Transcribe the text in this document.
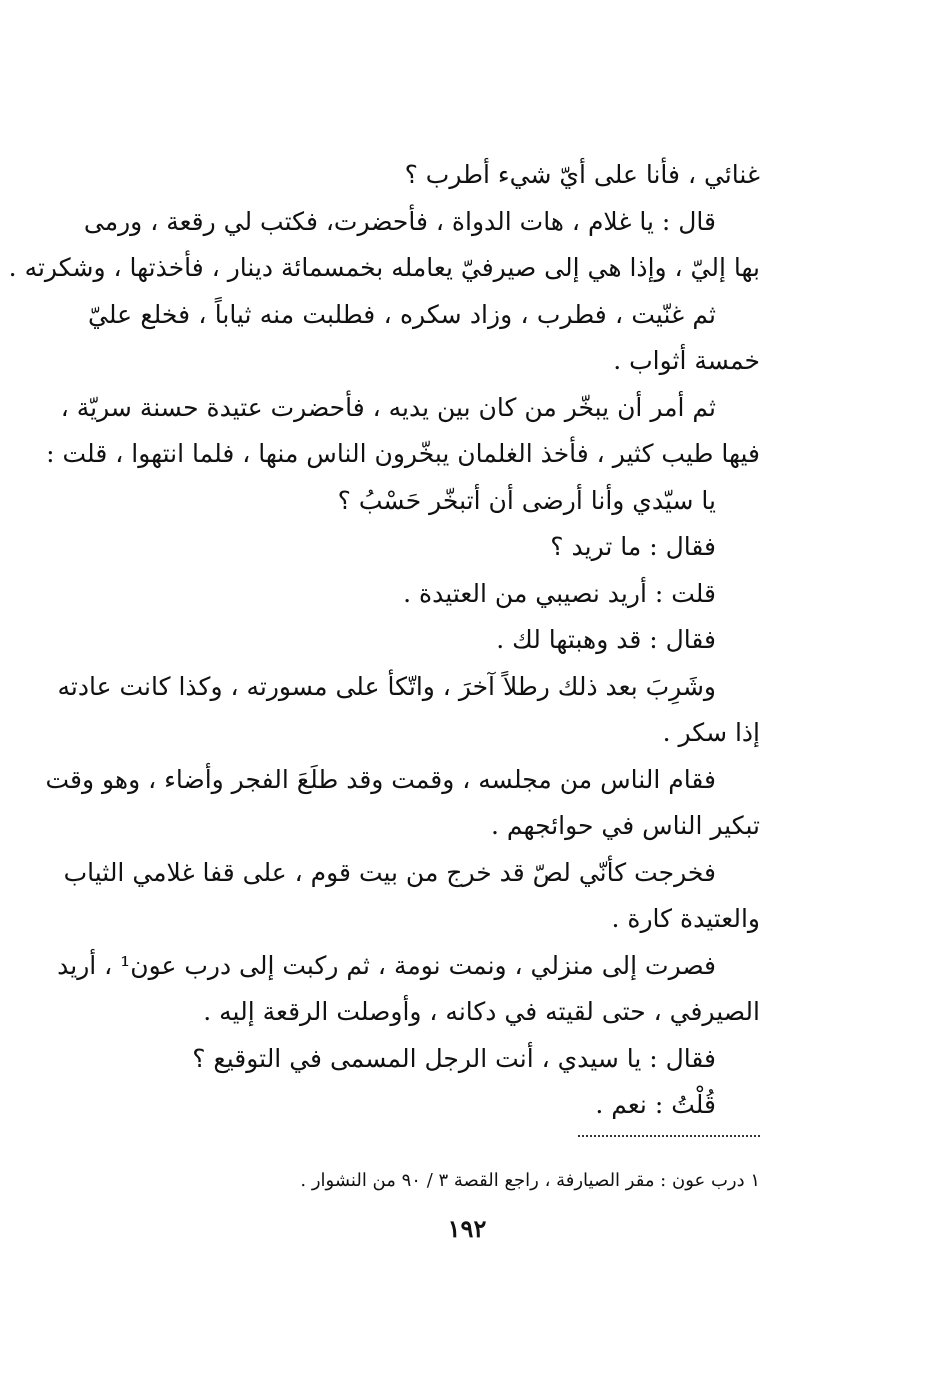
غنائي ، فأنا على أيّ شيء أطرب ؟
قال : يا غلام ، هات الدواة ، فأحضرت، فكتب لي رقعة ، ورمى
بها إليّ ، وإذا هي إلى صيرفيّ يعامله بخمسمائة دينار ، فأخذتها ، وشكرته .
ثم غنّيت ، فطرب ، وزاد سكره ، فطلبت منه ثياباً ، فخلع عليّ
خمسة أثواب .
ثم أمر أن يبخّر من كان بين يديه ، فأحضرت عتيدة حسنة سريّة ،
فيها طيب كثير ، فأخذ الغلمان يبخّرون الناس منها ، فلما انتهوا ، قلت :
يا سيّدي وأنا أرضى أن أتبخّر حَسْبُ ؟
فقال : ما تريد ؟
قلت : أريد نصيبي من العتيدة .
فقال : قد وهبتها لك .
وشَرِبَ بعد ذلك رطلاً آخرَ ، واتّكأ على مسورته ، وكذا كانت عادته
إذا سكر .
فقام الناس من مجلسه ، وقمت وقد طلَعَ الفجر وأضاء ، وهو وقت
تبكير الناس في حوائجهم .
فخرجت كأنّي لصّ قد خرج من بيت قوم ، على قفا غلامي الثياب
والعتيدة كارة .
فصرت إلى منزلي ، ونمت نومة ، ثم ركبت إلى درب عون¹ ، أريد
الصيرفي ، حتى لقيته في دكانه ، وأوصلت الرقعة إليه .
فقال : يا سيدي ، أنت الرجل المسمى في التوقيع ؟
قُلْتُ : نعم .
١ درب عون : مقر الصيارفة ، راجع القصة ٣ / ٩٠ من النشوار .
١٩٢
